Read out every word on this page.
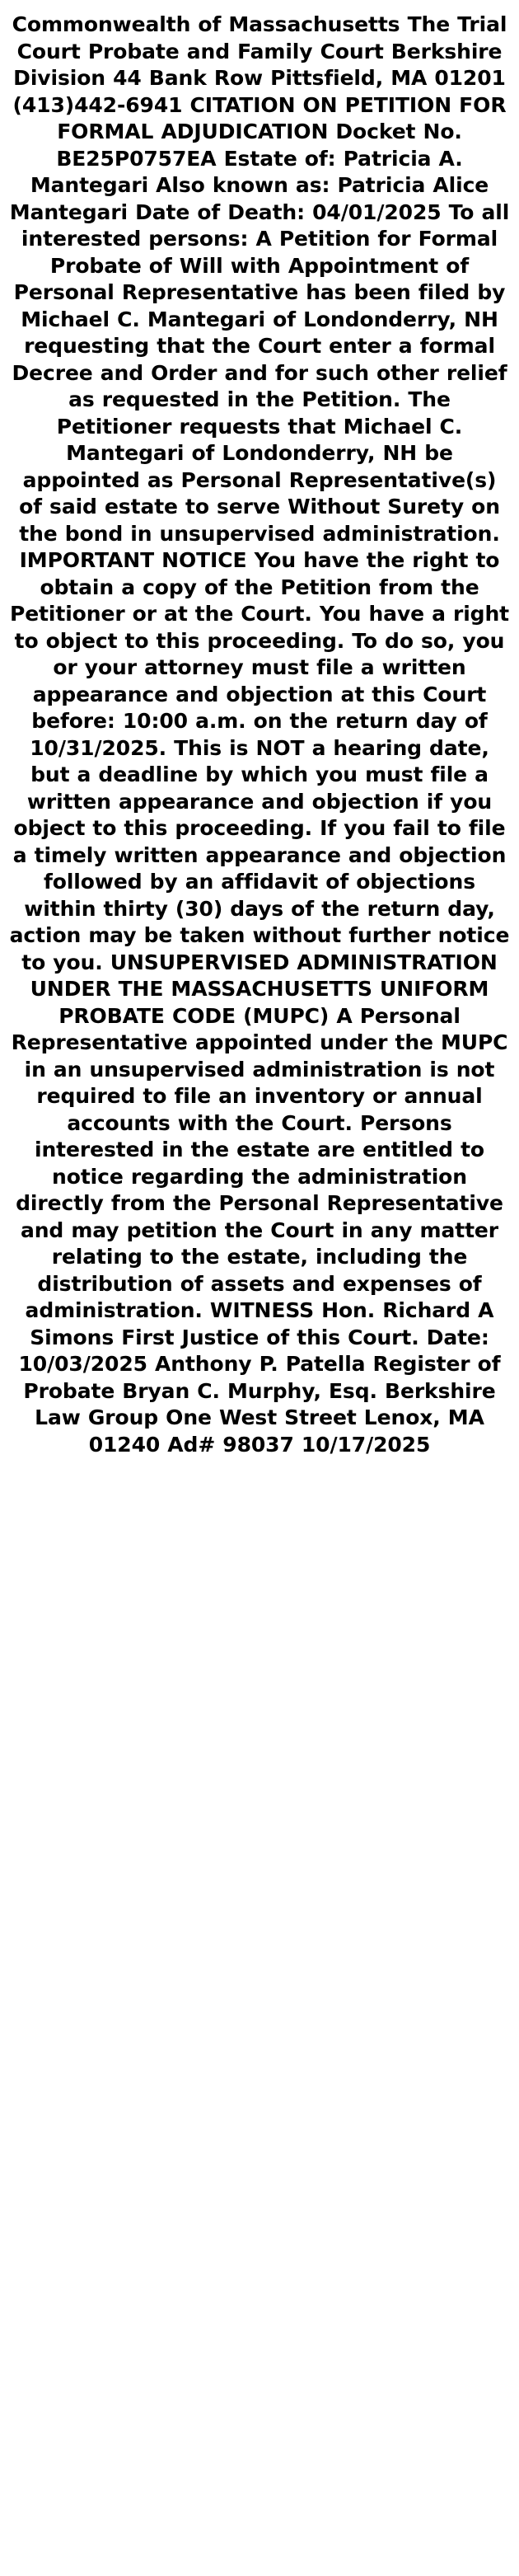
Commonwealth of Massachusetts The Trial Court Probate and Family Court Berkshire Division 44 Bank Row Pittsfield, MA 01201 (413)442-6941 CITATION ON PETITION FOR FORMAL ADJUDICATION Docket No. BE25P0757EA Estate of: Patricia A. Mantegari Also known as: Patricia Alice Mantegari Date of Death: 04/01/2025 To all interested persons: A Petition for Formal Probate of Will with Appointment of Personal Representative has been filed by Michael C. Mantegari of Londonderry, NH requesting that the Court enter a formal Decree and Order and for such other relief as requested in the Petition. The Petitioner requests that Michael C. Mantegari of Londonderry, NH be appointed as Personal Representative(s) of said estate to serve Without Surety on the bond in unsupervised administration. IMPORTANT NOTICE You have the right to obtain a copy of the Petition from the Petitioner or at the Court. You have a right to object to this proceeding. To do so, you or your attorney must file a written appearance and objection at this Court before: 10:00 a.m. on the return day of 10/31/2025. This is NOT a hearing date, but a deadline by which you must file a written appearance and objection if you object to this proceeding. If you fail to file a timely written appearance and objection followed by an affidavit of objections within thirty (30) days of the return day, action may be taken without further notice to you. UNSUPERVISED ADMINISTRATION UNDER THE MASSACHUSETTS UNIFORM PROBATE CODE (MUPC) A Personal Representative appointed under the MUPC in an unsupervised administration is not required to file an inventory or annual accounts with the Court. Persons interested in the estate are entitled to notice regarding the administration directly from the Personal Representative and may petition the Court in any matter relating to the estate, including the distribution of assets and expenses of administration. WITNESS Hon. Richard A Simons First Justice of this Court. Date: 10/03/2025 Anthony P. Patella Register of Probate Bryan C. Murphy, Esq. Berkshire Law Group One West Street Lenox, MA 01240 Ad# 98037 10/17/2025
